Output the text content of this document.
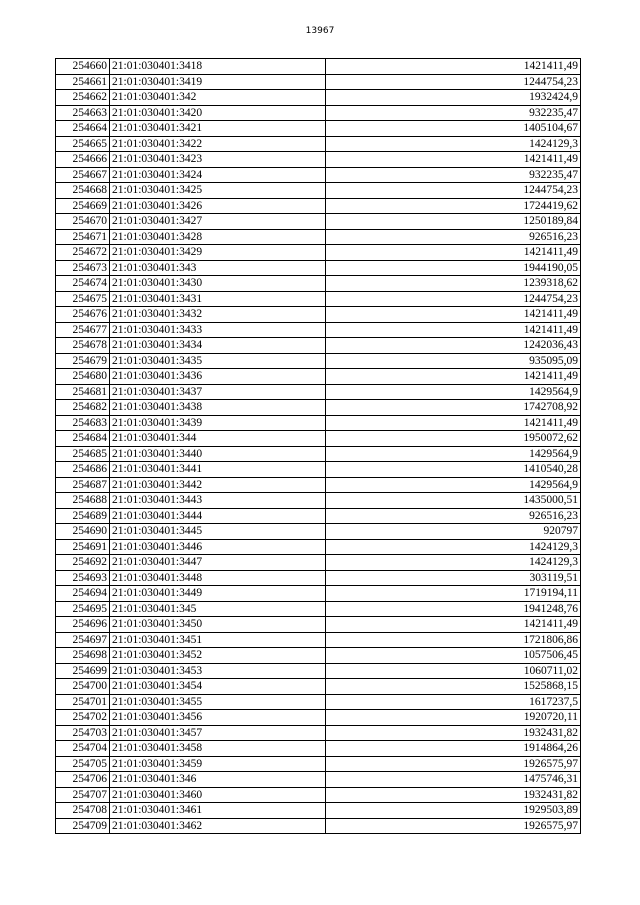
13967
254660	21:01:030401:3418	1421411,49
254661	21:01:030401:3419	1244754,23
254662	21:01:030401:342	1932424,9
254663	21:01:030401:3420	932235,47
254664	21:01:030401:3421	1405104,67
254665	21:01:030401:3422	1424129,3
254666	21:01:030401:3423	1421411,49
254667	21:01:030401:3424	932235,47
254668	21:01:030401:3425	1244754,23
254669	21:01:030401:3426	1724419,62
254670	21:01:030401:3427	1250189,84
254671	21:01:030401:3428	926516,23
254672	21:01:030401:3429	1421411,49
254673	21:01:030401:343	1944190,05
254674	21:01:030401:3430	1239318,62
254675	21:01:030401:3431	1244754,23
254676	21:01:030401:3432	1421411,49
254677	21:01:030401:3433	1421411,49
254678	21:01:030401:3434	1242036,43
254679	21:01:030401:3435	935095,09
254680	21:01:030401:3436	1421411,49
254681	21:01:030401:3437	1429564,9
254682	21:01:030401:3438	1742708,92
254683	21:01:030401:3439	1421411,49
254684	21:01:030401:344	1950072,62
254685	21:01:030401:3440	1429564,9
254686	21:01:030401:3441	1410540,28
254687	21:01:030401:3442	1429564,9
254688	21:01:030401:3443	1435000,51
254689	21:01:030401:3444	926516,23
254690	21:01:030401:3445	920797
254691	21:01:030401:3446	1424129,3
254692	21:01:030401:3447	1424129,3
254693	21:01:030401:3448	303119,51
254694	21:01:030401:3449	1719194,11
254695	21:01:030401:345	1941248,76
254696	21:01:030401:3450	1421411,49
254697	21:01:030401:3451	1721806,86
254698	21:01:030401:3452	1057506,45
254699	21:01:030401:3453	1060711,02
254700	21:01:030401:3454	1525868,15
254701	21:01:030401:3455	1617237,5
254702	21:01:030401:3456	1920720,11
254703	21:01:030401:3457	1932431,82
254704	21:01:030401:3458	1914864,26
254705	21:01:030401:3459	1926575,97
254706	21:01:030401:346	1475746,31
254707	21:01:030401:3460	1932431,82
254708	21:01:030401:3461	1929503,89
254709	21:01:030401:3462	1926575,97
